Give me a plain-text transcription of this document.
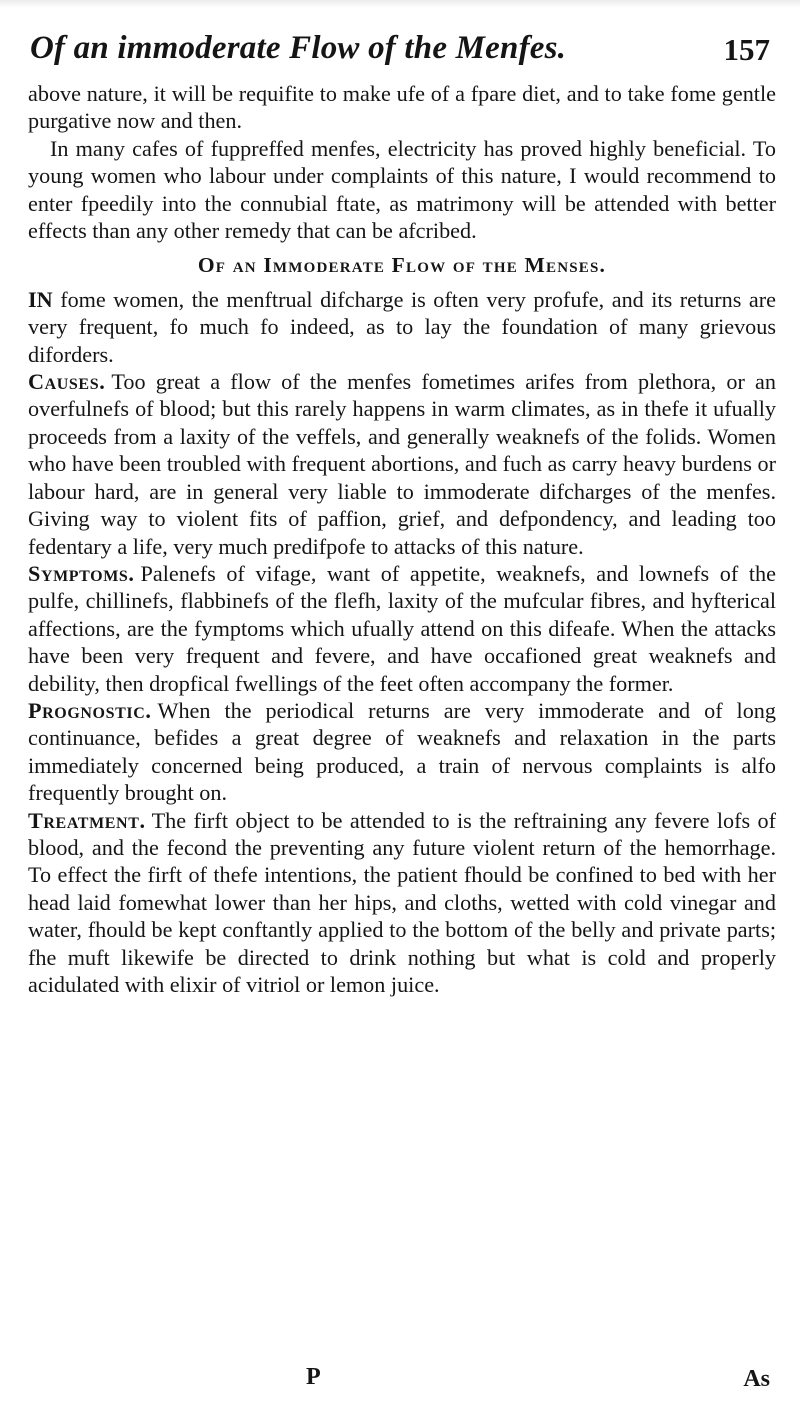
Of an immoderate Flow of the Menfes.	157

above nature, it will be requifite to make ufe of a fpare diet, and to take fome gentle purgative now and then.

In many cafes of fuppreffed menfes, electricity has proved highly beneficial. To young women who labour under complaints of this nature, I would recommend to enter fpeedily into the connubial ftate, as matrimony will be attended with better effects than any other remedy that can be afcribed.

Of an Immoderate Flow of the Menses.

IN fome women, the menftrual difcharge is often very profufe, and its returns are very frequent, fo much fo indeed, as to lay the foundation of many grievous diforders.

Causes. Too great a flow of the menfes fometimes arifes from plethora, or an overfulnefs of blood; but this rarely happens in warm climates, as in thefe it ufually proceeds from a laxity of the veffels, and generally weaknefs of the folids. Women who have been troubled with frequent abortions, and fuch as carry heavy burdens or labour hard, are in general very liable to immoderate difcharges of the menfes. Giving way to violent fits of paffion, grief, and defpondency, and leading too fedentary a life, very much predifpofe to attacks of this nature.

Symptoms. Palenefs of vifage, want of appetite, weaknefs, and lownefs of the pulfe, chillinefs, flabbinefs of the flefh, laxity of the mufcular fibres, and hyfterical affections, are the fymptoms which ufually attend on this difeafe. When the attacks have been very frequent and fevere, and have occafioned great weaknefs and debility, then dropfical fwellings of the feet often accompany the former.

Prognostic. When the periodical returns are very immoderate and of long continuance, befides a great degree of weaknefs and relaxation in the parts immediately concerned being produced, a train of nervous complaints is alfo frequently brought on.

Treatment. The firft object to be attended to is the reftraining any fevere lofs of blood, and the fecond the preventing any future violent return of the hemorrhage. To effect the firft of thefe intentions, the patient fhould be confined to bed with her head laid fomewhat lower than her hips, and cloths, wetted with cold vinegar and water, fhould be kept conftantly applied to the bottom of the belly and private parts; fhe muft likewife be directed to drink nothing but what is cold and properly acidulated with elixir of vitriol or lemon juice.

P	As
